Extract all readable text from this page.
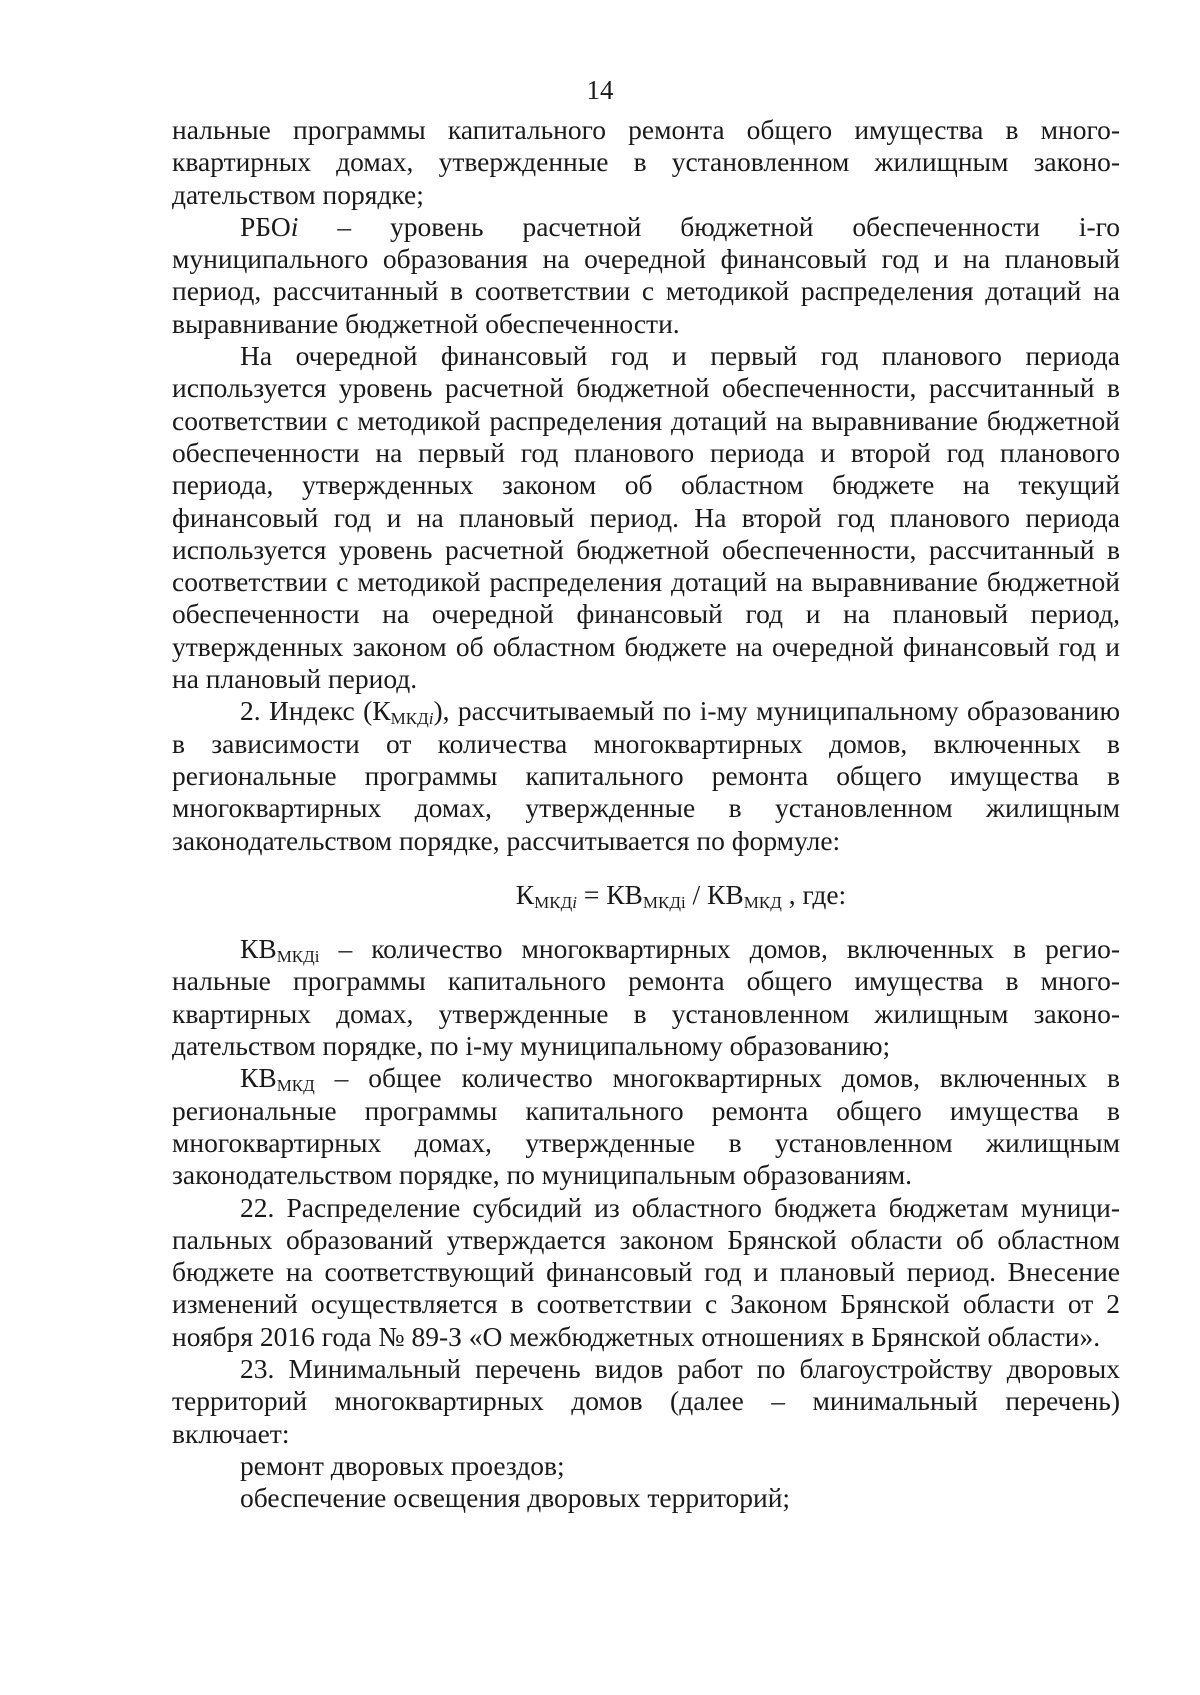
14

нальные программы капитального ремонта общего имущества в многоквартирных домах, утвержденные в установленном жилищным законодательством порядке;

РБОi – уровень расчетной бюджетной обеспеченности i-го муниципального образования на очередной финансовый год и на плановый период, рассчитанный в соответствии с методикой распределения дотаций на выравнивание бюджетной обеспеченности.

На очередной финансовый год и первый год планового периода используется уровень расчетной бюджетной обеспеченности, рассчитанный в соответствии с методикой распределения дотаций на выравнивание бюджетной обеспеченности на первый год планового периода и второй год планового периода, утвержденных законом об областном бюджете на текущий финансовый год и на плановый период. На второй год планового периода используется уровень расчетной бюджетной обеспеченности, рассчитанный в соответствии с методикой распределения дотаций на выравнивание бюджетной обеспеченности на очередной финансовый год и на плановый период, утвержденных законом об областном бюджете на очередной финансовый год и на плановый период.

2. Индекс $(К_{МКДi})$, рассчитываемый по i-му муниципальному образованию в зависимости от количества многоквартирных домов, включенных в региональные программы капитального ремонта общего имущества в многоквартирных домах, утвержденные в установленном жилищным законодательством порядке, рассчитывается по формуле:

$К_{МКДi} = КВ_{МКДi} / КВ_{МКД}$ , где:

$КВ_{МКДi}$ – количество многоквартирных домов, включенных в региональные программы капитального ремонта общего имущества в многоквартирных домах, утвержденные в установленном жилищным законодательством порядке, по i-му муниципальному образованию;

$КВ_{МКД}$ – общее количество многоквартирных домов, включенных в региональные программы капитального ремонта общего имущества в многоквартирных домах, утвержденные в установленном жилищным законодательством порядке, по муниципальным образованиям.

22. Распределение субсидий из областного бюджета бюджетам муниципальных образований утверждается законом Брянской области об областном бюджете на соответствующий финансовый год и плановый период. Внесение изменений осуществляется в соответствии с Законом Брянской области от 2 ноября 2016 года № 89-З «О межбюджетных отношениях в Брянской области».

23. Минимальный перечень видов работ по благоустройству дворовых территорий многоквартирных домов (далее – минимальный перечень) включает:

ремонт дворовых проездов;

обеспечение освещения дворовых территорий;
